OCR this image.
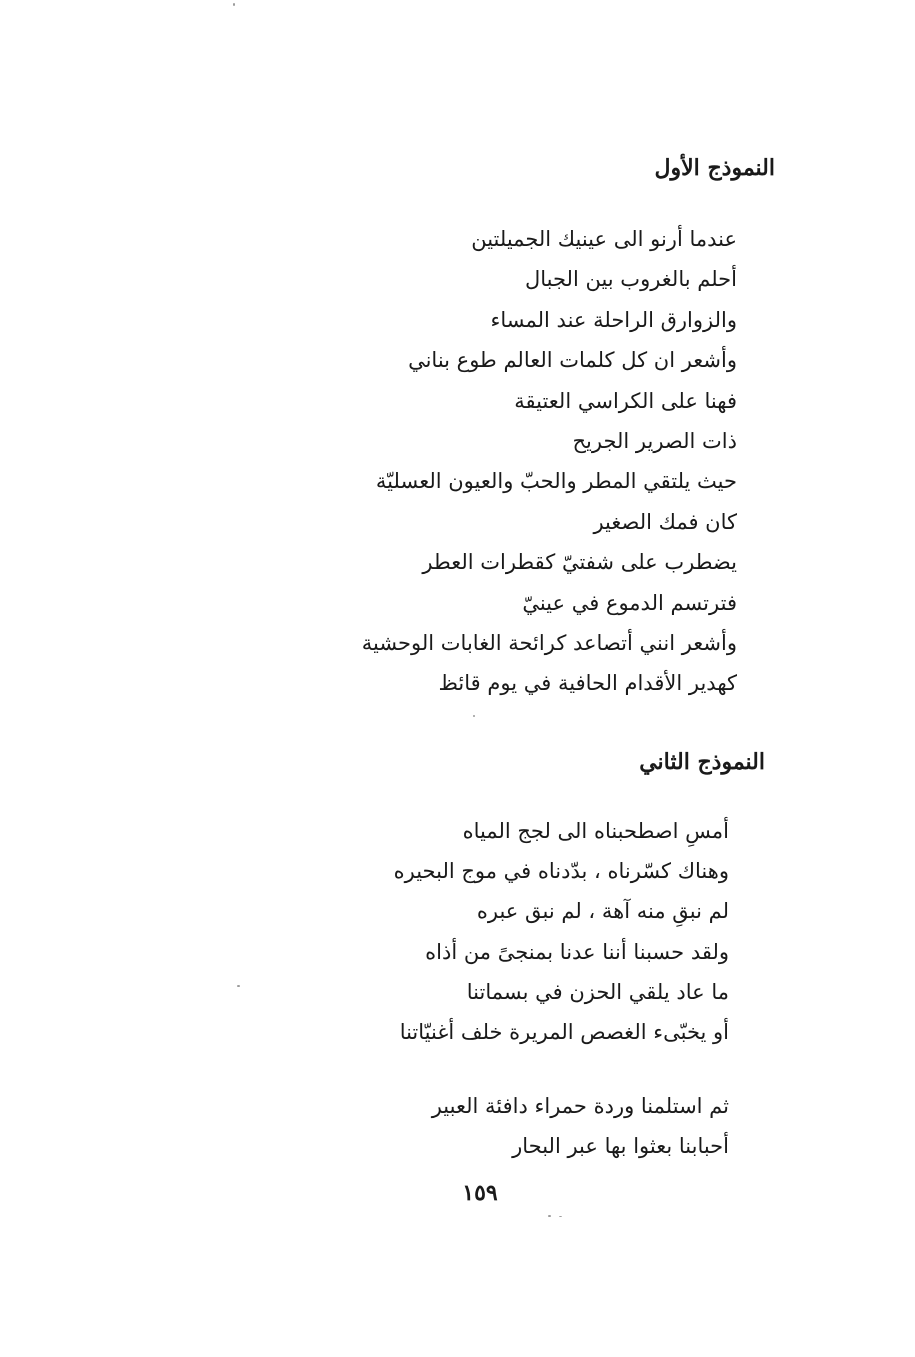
النموذج الأول
عندما أرنو الى عينيك الجميلتين
أحلم بالغروب بين الجبال
والزوارق الراحلة عند المساء
وأشعر ان كل كلمات العالم طوع بناني
فهنا على الكراسي العتيقة
ذات الصرير الجريح
حيث يلتقي المطر والحبّ والعيون العسليّة
كان فمك الصغير
يضطرب على شفتيّ كقطرات العطر
فترتسم الدموع في عينيّ
وأشعر انني أتصاعد كرائحة الغابات الوحشية
كهدير الأقدام الحافية في يوم قائظ
النموذج الثاني
أمسِ اصطحبناه الى لجج المياه
وهناك كسّرناه ، بدّدناه في موج البحيره
لم نبقِ منه آهة ، لم نبق عبره
ولقد حسبنا أننا عدنا بمنجىً من أذاه
ما عاد يلقي الحزن في بسماتنا
أو يخبّىء الغصص المريرة خلف أغنيّاتنا
ثم استلمنا وردة حمراء دافئة العبير
أحبابنا بعثوا بها عبر البحار
١٥٩
